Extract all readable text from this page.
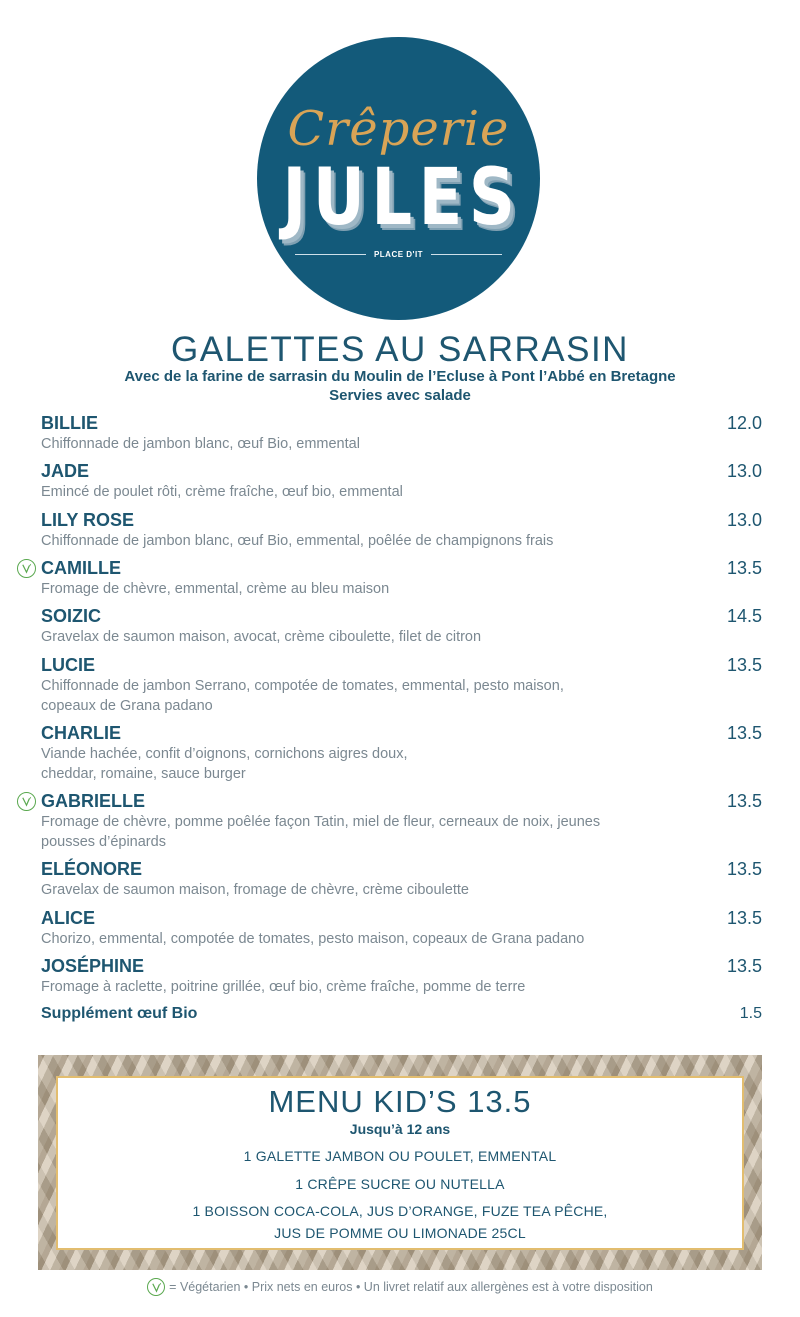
Crêperie
JULES
PLACE D'IT
GALETTES AU SARRASIN
Avec de la farine de sarrasin du Moulin de l’Ecluse à Pont l’Abbé en Bretagne
Servies avec salade
BILLIE	12.0
Chiffonnade de jambon blanc, œuf Bio, emmental
JADE	13.0
Emincé de poulet rôti, crème fraîche, œuf bio, emmental
LILY ROSE	13.0
Chiffonnade de jambon blanc, œuf Bio, emmental, poêlée de champignons frais
CAMILLE	13.5
Fromage de chèvre, emmental, crème au bleu maison
SOIZIC	14.5
Gravelax de saumon maison, avocat, crème ciboulette, filet de citron
LUCIE	13.5
Chiffonnade de jambon Serrano, compotée de tomates, emmental, pesto maison, copeaux de Grana padano
CHARLIE	13.5
Viande hachée, confit d’oignons, cornichons aigres doux, cheddar, romaine, sauce burger
GABRIELLE	13.5
Fromage de chèvre, pomme poêlée façon Tatin, miel de fleur, cerneaux de noix, jeunes pousses d’épinards
ELÉONORE	13.5
Gravelax de saumon maison, fromage de chèvre, crème ciboulette
ALICE	13.5
Chorizo, emmental, compotée de tomates, pesto maison, copeaux de Grana padano
JOSÉPHINE	13.5
Fromage à raclette, poitrine grillée, œuf bio, crème fraîche, pomme de terre
Supplément œuf Bio	1.5
MENU KID’S 13.5
Jusqu’à 12 ans
1 GALETTE JAMBON OU POULET, EMMENTAL
1 CRÊPE SUCRE OU NUTELLA
1 BOISSON COCA-COLA, JUS D’ORANGE, FUZE TEA PÊCHE,
JUS DE POMME OU LIMONADE 25CL
= Végétarien • Prix nets en euros • Un livret relatif aux allergènes est à votre disposition
